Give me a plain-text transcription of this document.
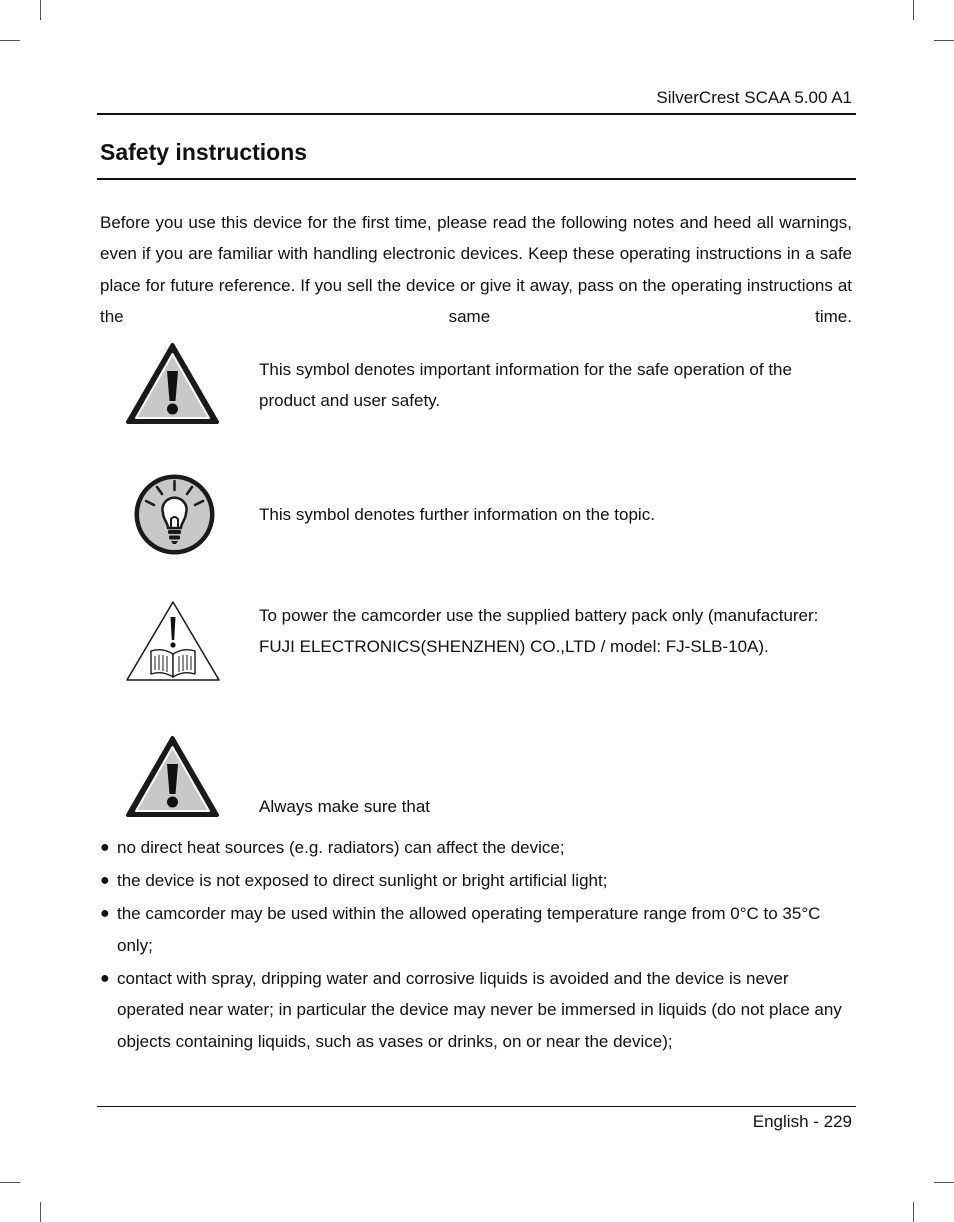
SilverCrest SCAA 5.00 A1
Safety instructions

Before you use this device for the first time, please read the following notes and heed all warnings, even if you are familiar with handling electronic devices. Keep these operating instructions in a safe place for future reference. If you sell the device or give it away, pass on the operating instructions at the same time.

This symbol denotes important information for the safe operation of the product and user safety.

This symbol denotes further information on the topic.

To power the camcorder use the supplied battery pack only (manufacturer: FUJI ELECTRONICS(SHENZHEN) CO.,LTD / model: FJ-SLB-10A).

Always make sure that

● no direct heat sources (e.g. radiators) can affect the device;
● the device is not exposed to direct sunlight or bright artificial light;
● the camcorder may be used within the allowed operating temperature range from 0°C to 35°C only;
● contact with spray, dripping water and corrosive liquids is avoided and the device is never operated near water; in particular the device may never be immersed in liquids (do not place any objects containing liquids, such as vases or drinks, on or near the device);
English - 229
